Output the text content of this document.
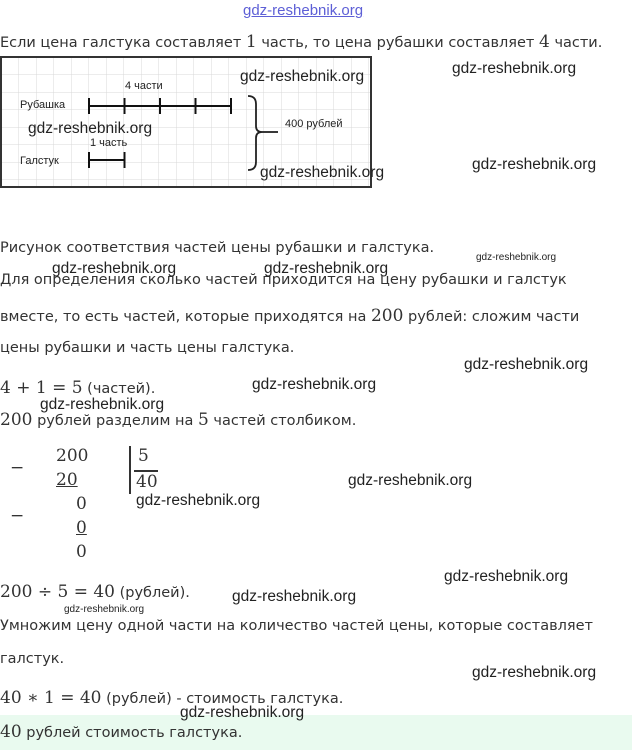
gdz-reshebnik.org
Если цена галстука составляет 1 часть, то цена рубашки составляет 4 части.
Рубашка
4 части
Галстук
1 часть
400 рублей
Рисунок соответствия частей цены рубашки и галстука.
Для определения сколько частей приходится на цену рубашки и галстук
вместе, то есть частей, которые приходятся на 200 рублей: сложим части
цены рубашки и часть цены галстука.
4 + 1 = 5 (частей).
200 рублей разделим на 5 частей столбиком.
−
200
20
0
−
0
0
5
40
200 ÷ 5 = 40 (рублей).
Умножим цену одной части на количество частей цены, которые составляет
галстук.
40 ∗ 1 = 40 (рублей) - стоимость галстука.
40 рублей стоимость галстука.
gdz-reshebnik.org	gdz-reshebnik.org
gdz-reshebnik.org
gdz-reshebnik.org	gdz-reshebnik.org
gdz-reshebnik.org
gdz-reshebnik.org	gdz-reshebnik.org
gdz-reshebnik.org
gdz-reshebnik.org
gdz-reshebnik.org
gdz-reshebnik.org
gdz-reshebnik.org
gdz-reshebnik.org
gdz-reshebnik.org
gdz-reshebnik.org
gdz-reshebnik.org
gdz-reshebnik.org
